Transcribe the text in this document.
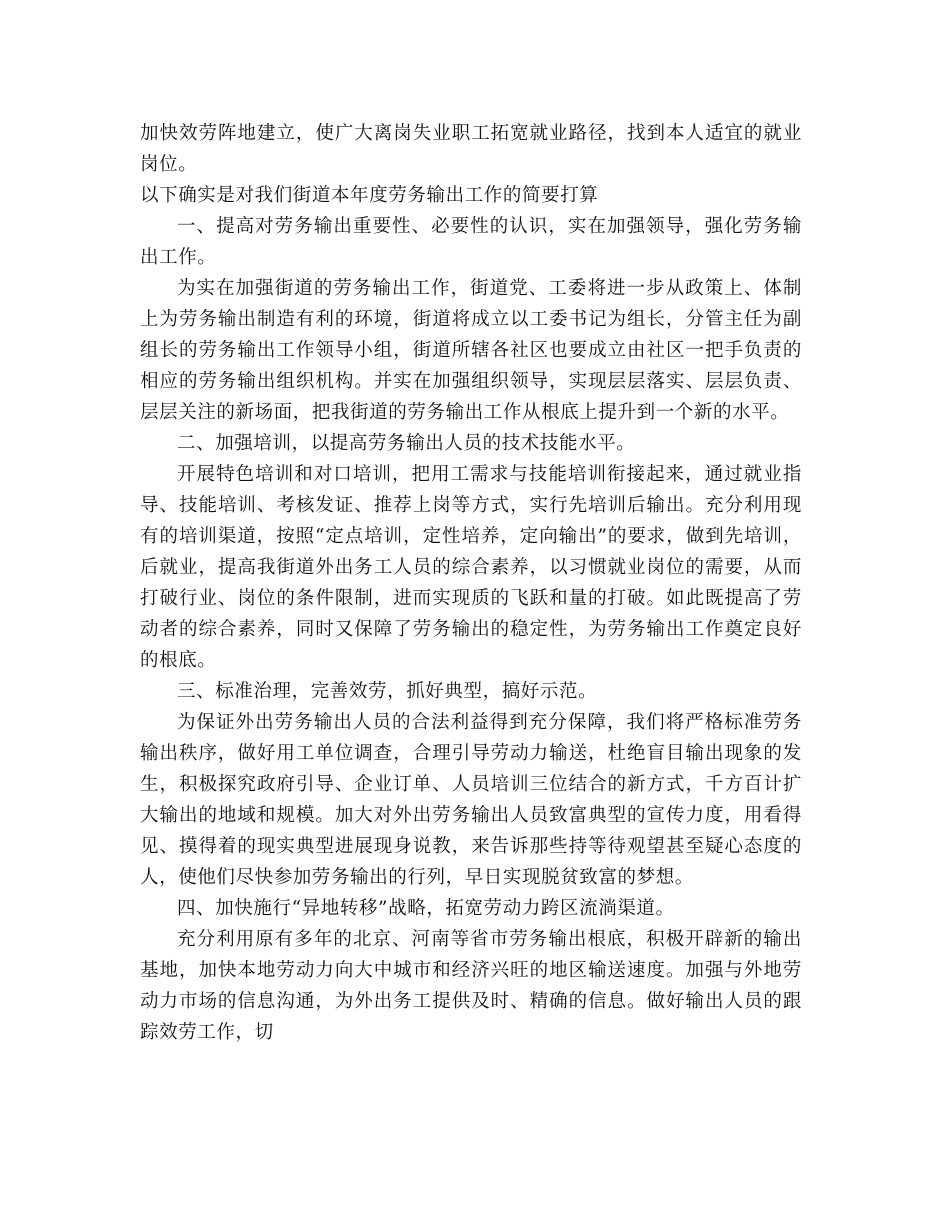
加快效劳阵地建立，使广大离岗失业职工拓宽就业路径，找到本人适宜的就业岗位。

以下确实是对我们街道本年度劳务输出工作的简要打算

一、提高对劳务输出重要性、必要性的认识，实在加强领导，强化劳务输出工作。

为实在加强街道的劳务输出工作，街道党、工委将进一步从政策上、体制上为劳务输出制造有利的环境，街道将成立以工委书记为组长，分管主任为副组长的劳务输出工作领导小组，街道所辖各社区也要成立由社区一把手负责的相应的劳务输出组织机构。并实在加强组织领导，实现层层落实、层层负责、层层关注的新场面，把我街道的劳务输出工作从根底上提升到一个新的水平。

二、加强培训，以提高劳务输出人员的技术技能水平。

开展特色培训和对口培训，把用工需求与技能培训衔接起来，通过就业指导、技能培训、考核发证、推荐上岗等方式，实行先培训后输出。充分利用现有的培训渠道，按照“定点培训，定性培养，定向输出”的要求，做到先培训，后就业，提高我街道外出务工人员的综合素养，以习惯就业岗位的需要，从而打破行业、岗位的条件限制，进而实现质的飞跃和量的打破。如此既提高了劳动者的综合素养，同时又保障了劳务输出的稳定性，为劳务输出工作奠定良好的根底。

三、标准治理，完善效劳，抓好典型，搞好示范。

为保证外出劳务输出人员的合法利益得到充分保障，我们将严格标准劳务输出秩序，做好用工单位调查，合理引导劳动力输送，杜绝盲目输出现象的发生，积极探究政府引导、企业订单、人员培训三位结合的新方式，千方百计扩大输出的地域和规模。加大对外出劳务输出人员致富典型的宣传力度，用看得见、摸得着的现实典型进展现身说教，来告诉那些持等待观望甚至疑心态度的人，使他们尽快参加劳务输出的行列，早日实现脱贫致富的梦想。

四、加快施行“异地转移”战略，拓宽劳动力跨区流淌渠道。

充分利用原有多年的北京、河南等省市劳务输出根底，积极开辟新的输出基地，加快本地劳动力向大中城市和经济兴旺的地区输送速度。加强与外地劳动力市场的信息沟通，为外出务工提供及时、精确的信息。做好输出人员的跟踪效劳工作，切
